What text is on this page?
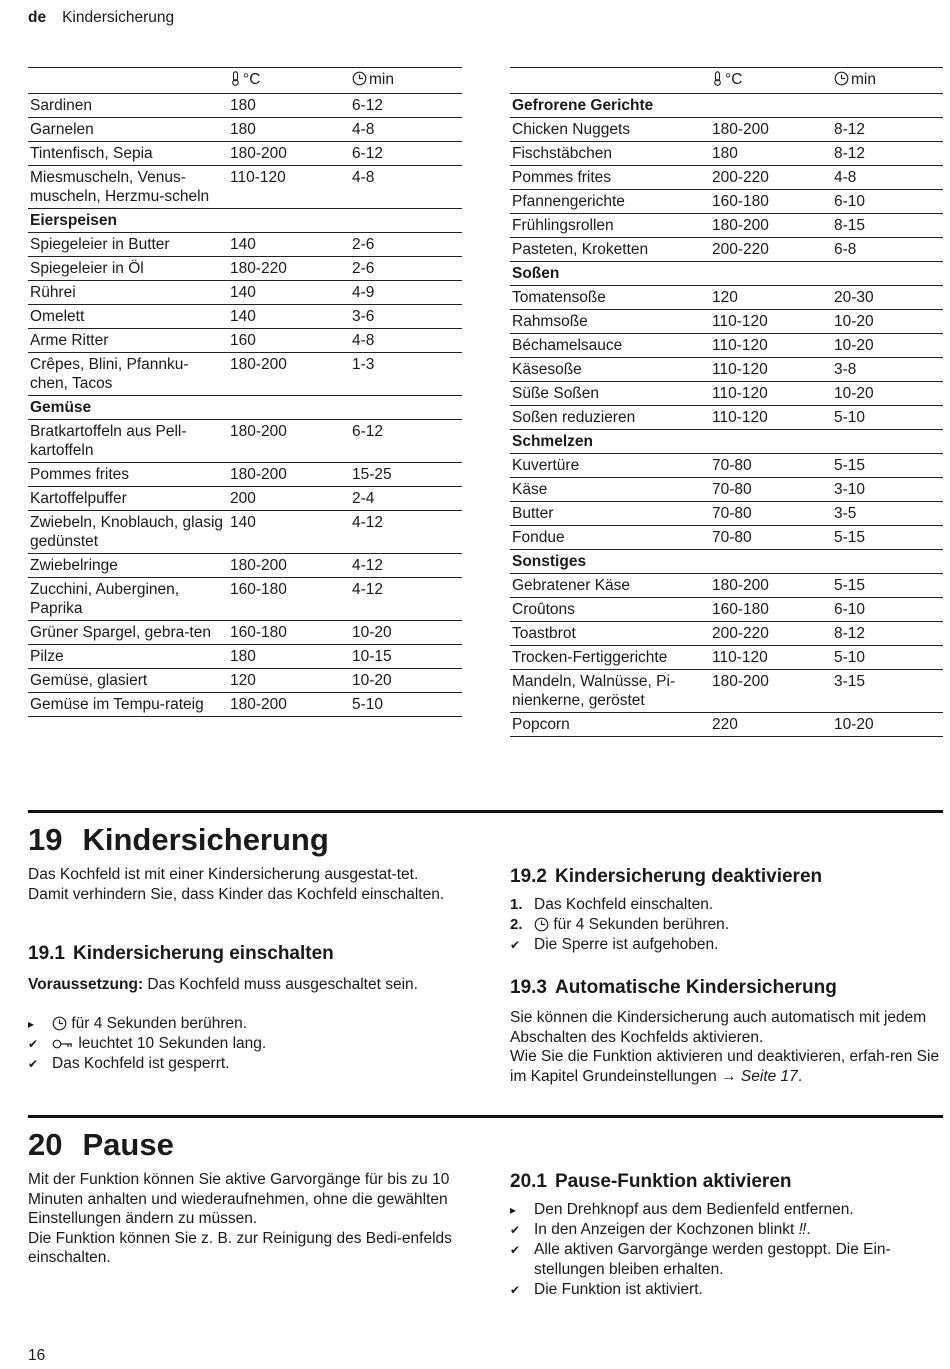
de Kindersicherung
	°C	min
Sardinen	180	6-12
Garnelen	180	4-8
Tintenfisch, Sepia	180-200	6-12
Miesmuscheln, Venus-muscheln, Herzmu-scheln	110-120	4-8
Eierspeisen		
Spiegeleier in Butter	140	2-6
Spiegeleier in Öl	180-220	2-6
Rührei	140	4-9
Omelett	140	3-6
Arme Ritter	160	4-8
Crêpes, Blini, Pfannku-chen, Tacos	180-200	1-3
Gemüse		
Bratkartoffeln aus Pell-kartoffeln	180-200	6-12
Pommes frites	180-200	15-25
Kartoffelpuffer	200	2-4
Zwiebeln, Knoblauch, glasig gedünstet	140	4-12
Zwiebelringe	180-200	4-12
Zucchini, Auberginen, Paprika	160-180	4-12
Grüner Spargel, gebra-ten	160-180	10-20
Pilze	180	10-15
Gemüse, glasiert	120	10-20
Gemüse im Tempu-rateig	180-200	5-10
	°C	min
Gefrorene Gerichte		
Chicken Nuggets	180-200	8-12
Fischstäbchen	180	8-12
Pommes frites	200-220	4-8
Pfannengerichte	160-180	6-10
Frühlingsrollen	180-200	8-15
Pasteten, Kroketten	200-220	6-8
Soßen		
Tomatensoße	120	20-30
Rahmsoße	110-120	10-20
Béchamelsauce	110-120	10-20
Käsesoße	110-120	3-8
Süße Soßen	110-120	10-20
Soßen reduzieren	110-120	5-10
Schmelzen		
Kuvertüre	70-80	5-15
Käse	70-80	3-10
Butter	70-80	3-5
Fondue	70-80	5-15
Sonstiges		
Gebratener Käse	180-200	5-15
Croûtons	160-180	6-10
Toastbrot	200-220	8-12
Trocken-Fertiggerichte	110-120	5-10
Mandeln, Walnüsse, Pi-nienkerne, geröstet	180-200	3-15
Popcorn	220	10-20
19 Kindersicherung
Das Kochfeld ist mit einer Kindersicherung ausgestat-tet. Damit verhindern Sie, dass Kinder das Kochfeld einschalten.
19.1 Kindersicherung einschalten
Voraussetzung: Das Kochfeld muss ausgeschaltet sein.
▸	für 4 Sekunden berühren.
✔	leuchtet 10 Sekunden lang.
✔ Das Kochfeld ist gesperrt.
19.2 Kindersicherung deaktivieren
1. Das Kochfeld einschalten.
2.	für 4 Sekunden berühren.
✔ Die Sperre ist aufgehoben.
19.3 Automatische Kindersicherung
Sie können die Kindersicherung auch automatisch mit jedem Abschalten des Kochfelds aktivieren.
Wie Sie die Funktion aktivieren und deaktivieren, erfah-ren Sie im Kapitel Grundeinstellungen → Seite 17.
20 Pause
Mit der Funktion können Sie aktive Garvorgänge für bis zu 10 Minuten anhalten und wiederaufnehmen, ohne die gewählten Einstellungen ändern zu müssen.
Die Funktion können Sie z. B. zur Reinigung des Bedi-enfelds einschalten.
20.1 Pause-Funktion aktivieren
▸	Den Drehknopf aus dem Bedienfeld entfernen.
✔ In den Anzeigen der Kochzonen blinkt ‼.
✔ Alle aktiven Garvorgänge werden gestoppt. Die Ein-stellungen bleiben erhalten.
✔ Die Funktion ist aktiviert.
16
